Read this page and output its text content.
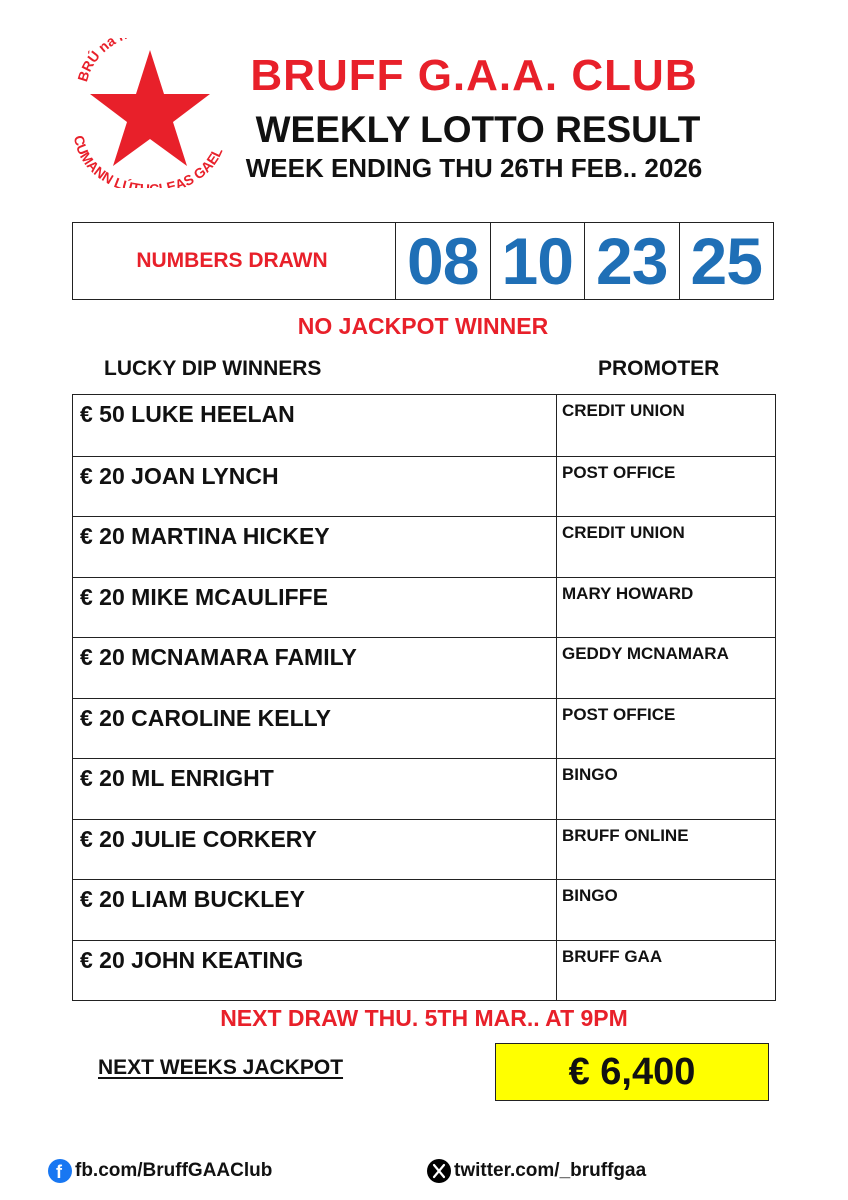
BRÚ na
CUMANN LÚT EAS GAEL
BRUFF G.A.A. CLUB
WEEKLY LOTTO RESULT
WEEK ENDING THU 26TH FEB.. 2026
NUMBERS DRAWN	08 10 23 25
NO JACKPOT WINNER
LUCKY DIP WINNERS	PROMOTER
€ 50 LUKE HEELAN	CREDIT UNION
€ 20 JOAN LYNCH	POST OFFICE
€ 20 MARTINA HICKEY	CREDIT UNION
€ 20 MIKE MCAULIFFE	MARY HOWARD
€ 20 MCNAMARA FAMILY	GEDDY MCNAMARA
€ 20 CAROLINE KELLY	POST OFFICE
€ 20 ML ENRIGHT	BINGO
€ 20 JULIE CORKERY	BRUFF ONLINE
€ 20 LIAM BUCKLEY	BINGO
€ 20 JOHN KEATING	BRUFF GAA
NEXT DRAW THU. 5TH MAR.. AT 9PM
NEXT WEEKS JACKPOT	€ 6,400
f fb.com/BruffGAAClub	twitter.com/_bruffgaa
